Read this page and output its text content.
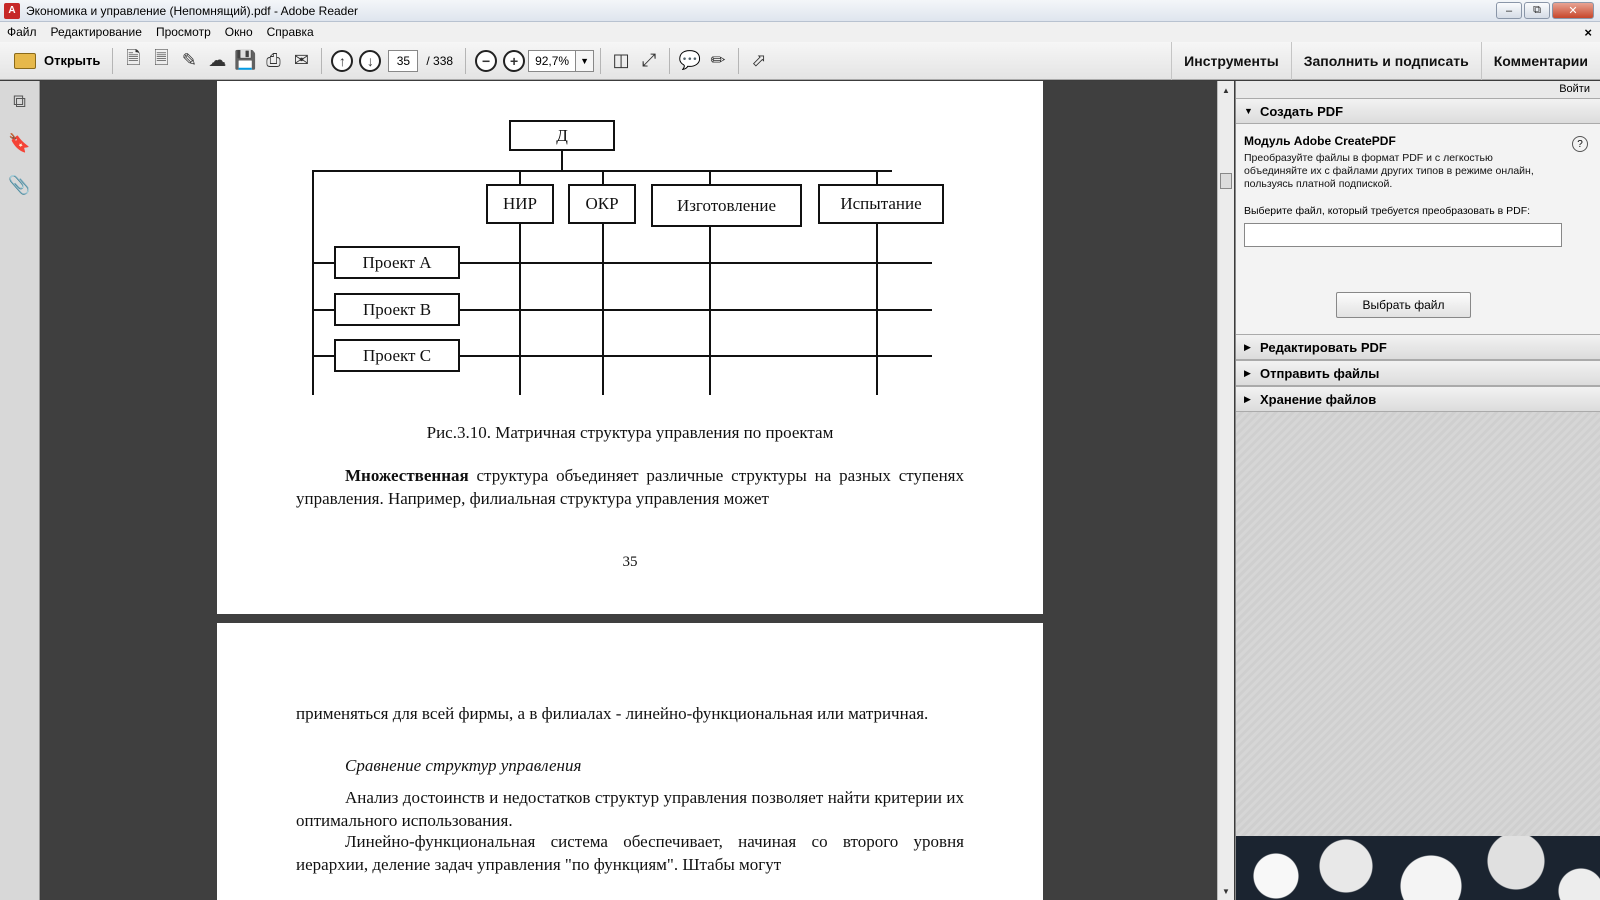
A Экономика и управление (Непомнящий).pdf - Adobe Reader	–	⧉	✕
Файл	Редактирование	Просмотр	Окно	Справка	×
Открыть	🗎 🗏 ✎ ☁ 💾 ⎙ ✉	↑	↓	35	/ 338	−	+	92,7%	▼	◫ ⤢	💬 ✏	⬀	Инструменты	Заполнить и подписать	Комментарии
⧉
🔖
📎
Д
НИР	ОКР	Изготовление	Испытание
Проект А
Проект В
Проект С
Рис.3.10. Матричная структура управления по проектам

Множественная структура объединяет различные структуры на разных ступенях управления. Например, филиальная структура управления может

35

применяться для всей фирмы, а в филиалах - линейно-функциональная или матричная.

Сравнение структур управления

Анализ достоинств и недостатков структур управления позволяет найти критерии их оптимального использования.

Линейно-функциональная система обеспечивает, начиная со второго уровня иерархии, деление задач управления "по функциям". Штабы могут

▲
▼
Войти
▼ Создать PDF
?
Модуль Adobe CreatePDF
Преобразуйте файлы в формат PDF и с легкостью объединяйте их с файлами других типов в режиме онлайн, пользуясь платной подпиской.
Выберите файл, который требуется преобразовать в PDF:
Выбрать файл
▶ Редактировать PDF
▶ Отправить файлы
▶ Хранение файлов
